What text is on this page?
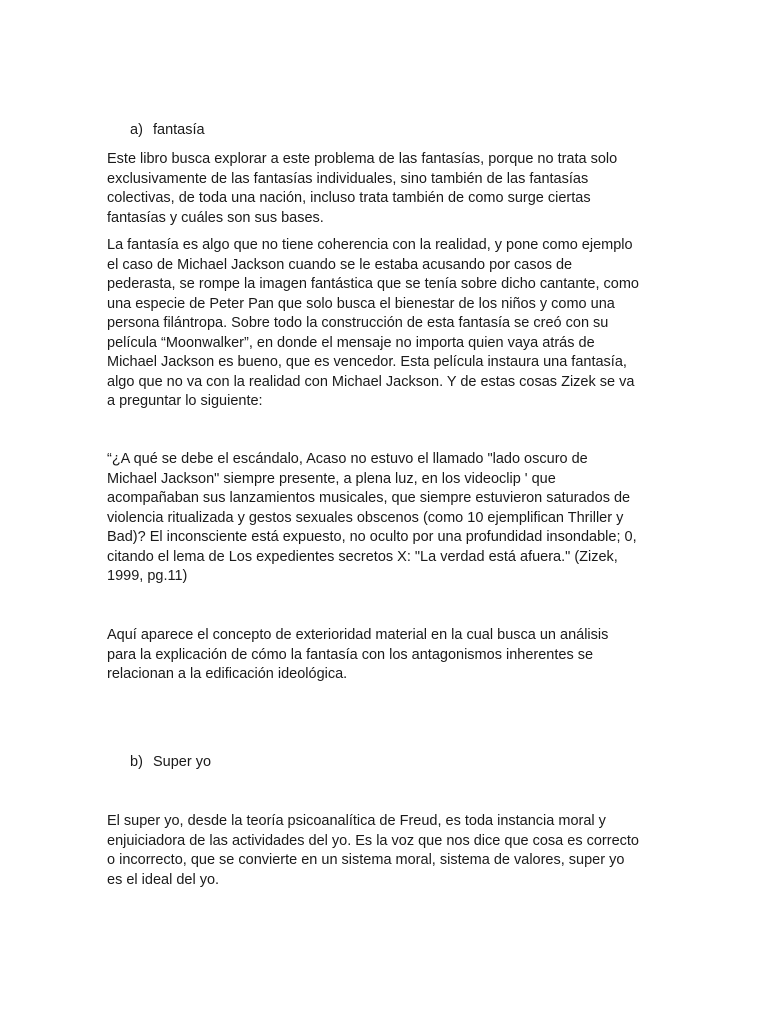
a) fantasía
Este libro busca explorar a este problema de las fantasías, porque no trata solo
exclusivamente de las fantasías individuales, sino también de las fantasías
colectivas, de toda una nación, incluso trata también de como surge ciertas
fantasías y cuáles son sus bases.
La fantasía es algo que no tiene coherencia con la realidad, y pone como ejemplo
el caso de Michael Jackson cuando se le estaba acusando por casos de
pederasta, se rompe la imagen fantástica que se tenía sobre dicho cantante, como
una especie de Peter Pan que solo busca el bienestar de los niños y como una
persona filántropa. Sobre todo la construcción de esta fantasía se creó con su
película “Moonwalker”, en donde el mensaje no importa quien vaya atrás de
Michael Jackson es bueno, que es vencedor. Esta película instaura una fantasía,
algo que no va con la realidad con Michael Jackson. Y de estas cosas Zizek se va
a preguntar lo siguiente:
“¿A qué se debe el escándalo, Acaso no estuvo el llamado "lado oscuro de
Michael Jackson" siempre presente, a plena luz, en los videoclip ' que
acompañaban sus lanzamientos musicales, que siempre estuvieron saturados de
violencia ritualizada y gestos sexuales obscenos (como 10 ejemplifican Thriller y
Bad)? El inconsciente está expuesto, no oculto por una profundidad insondable; 0,
citando el lema de Los expedientes secretos X: "La verdad está afuera." (Zizek,
1999, pg.11)
Aquí aparece el concepto de exterioridad material en la cual busca un análisis
para la explicación de cómo la fantasía con los antagonismos inherentes se
relacionan a la edificación ideológica.
b) Super yo
El super yo, desde la teoría psicoanalítica de Freud, es toda instancia moral y
enjuiciadora de las actividades del yo. Es la voz que nos dice que cosa es correcto
o incorrecto, que se convierte en un sistema moral, sistema de valores, super yo
es el ideal del yo.
